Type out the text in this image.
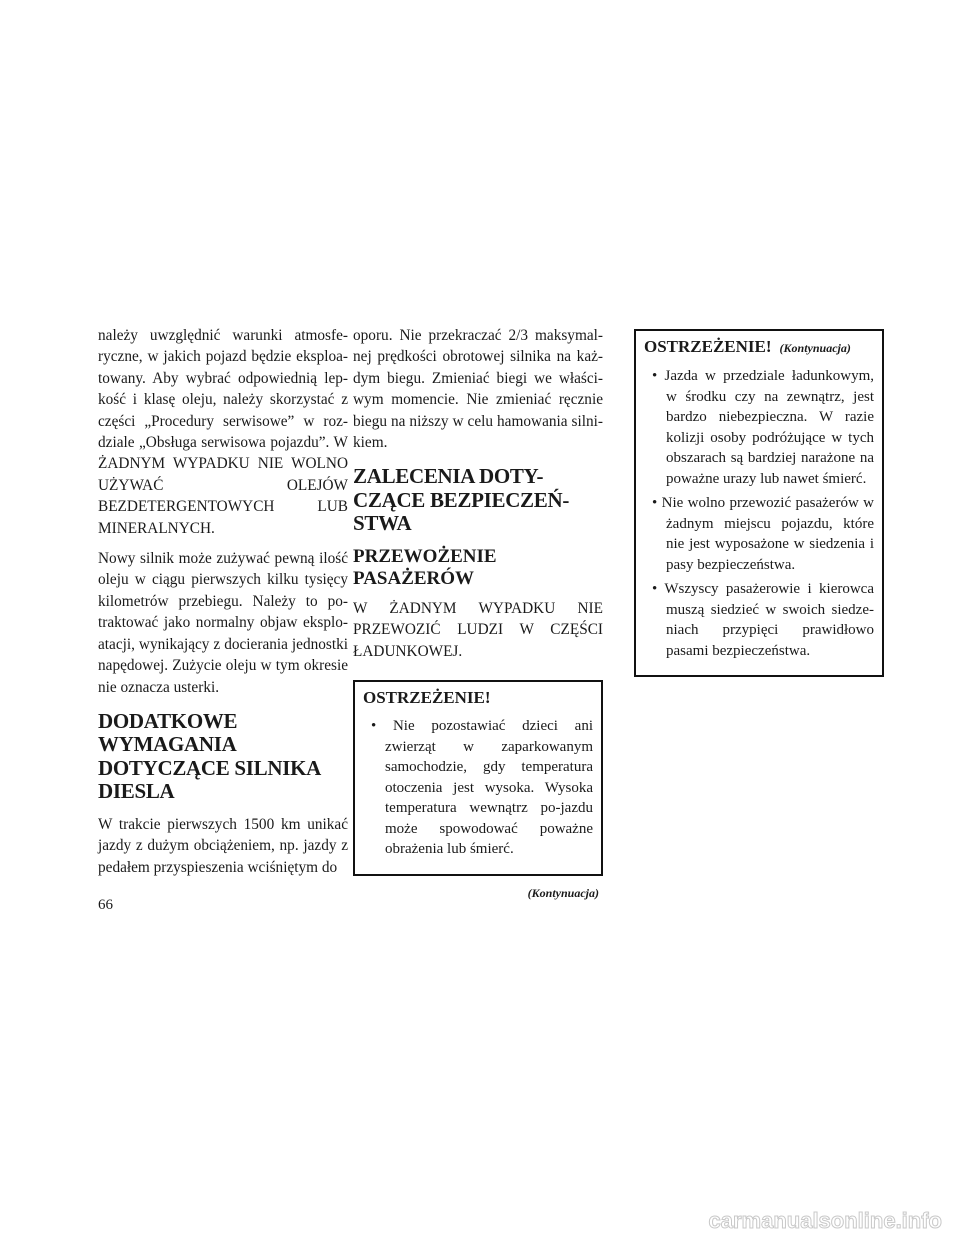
należy uwzględnić warunki atmosfe-ryczne, w jakich pojazd będzie eksploa-towany. Aby wybrać odpowiednią lep-kość i klasę oleju, należy skorzystać z części „Procedury serwisowe” w roz-dziale „Obsługa serwisowa pojazdu”. W ŻADNYM WYPADKU NIE WOLNO UŻYWAĆ OLEJÓW BEZDETERGENTOWYCH LUB MINERALNYCH.

Nowy silnik może zużywać pewną ilość oleju w ciągu pierwszych kilku tysięcy kilometrów przebiegu. Należy to po-traktować jako normalny objaw eksplo-atacji, wynikający z docierania jednostki napędowej. Zużycie oleju w tym okresie nie oznacza usterki.

DODATKOWE WYMAGANIA DOTYCZĄCE SILNIKA DIESLA

W trakcie pierwszych 1500 km unikać jazdy z dużym obciążeniem, np. jazdy z pedałem przyspieszenia wciśniętym do

oporu. Nie przekraczać 2/3 maksymal-nej prędkości obrotowej silnika na każ-dym biegu. Zmieniać biegi we właści-wym momencie. Nie zmieniać ręcznie biegu na niższy w celu hamowania silni-kiem.

ZALECENIA DOTY-CZĄCE BEZPIECZEŃ-STWA
PRZEWOŻENIE PASAŻERÓW

W ŻADNYM WYPADKU NIE PRZEWOZIĆ LUDZI W CZĘŚCI ŁADUNKOWEJ.

OSTRZEŻENIE!
• Nie pozostawiać dzieci ani zwierząt w zaparkowanym samochodzie, gdy temperatura otoczenia jest wysoka. Wysoka temperatura wewnątrz po-jazdu może spowodować poważne obrażenia lub śmierć.
(Kontynuacja)
OSTRZEŻENIE! (Kontynuacja)
• Jazda w przedziale ładunkowym, w środku czy na zewnątrz, jest bardzo niebezpieczna. W razie kolizji osoby podróżujące w tych obszarach są bardziej narażone na poważne urazy lub nawet śmierć.
• Nie wolno przewozić pasażerów w żadnym miejscu pojazdu, które nie jest wyposażone w siedzenia i pasy bezpieczeństwa.
• Wszyscy pasażerowie i kierowca muszą siedzieć w swoich siedze-niach przypięci prawidłowo pasami bezpieczeństwa.
66
carmanualsonline.info
